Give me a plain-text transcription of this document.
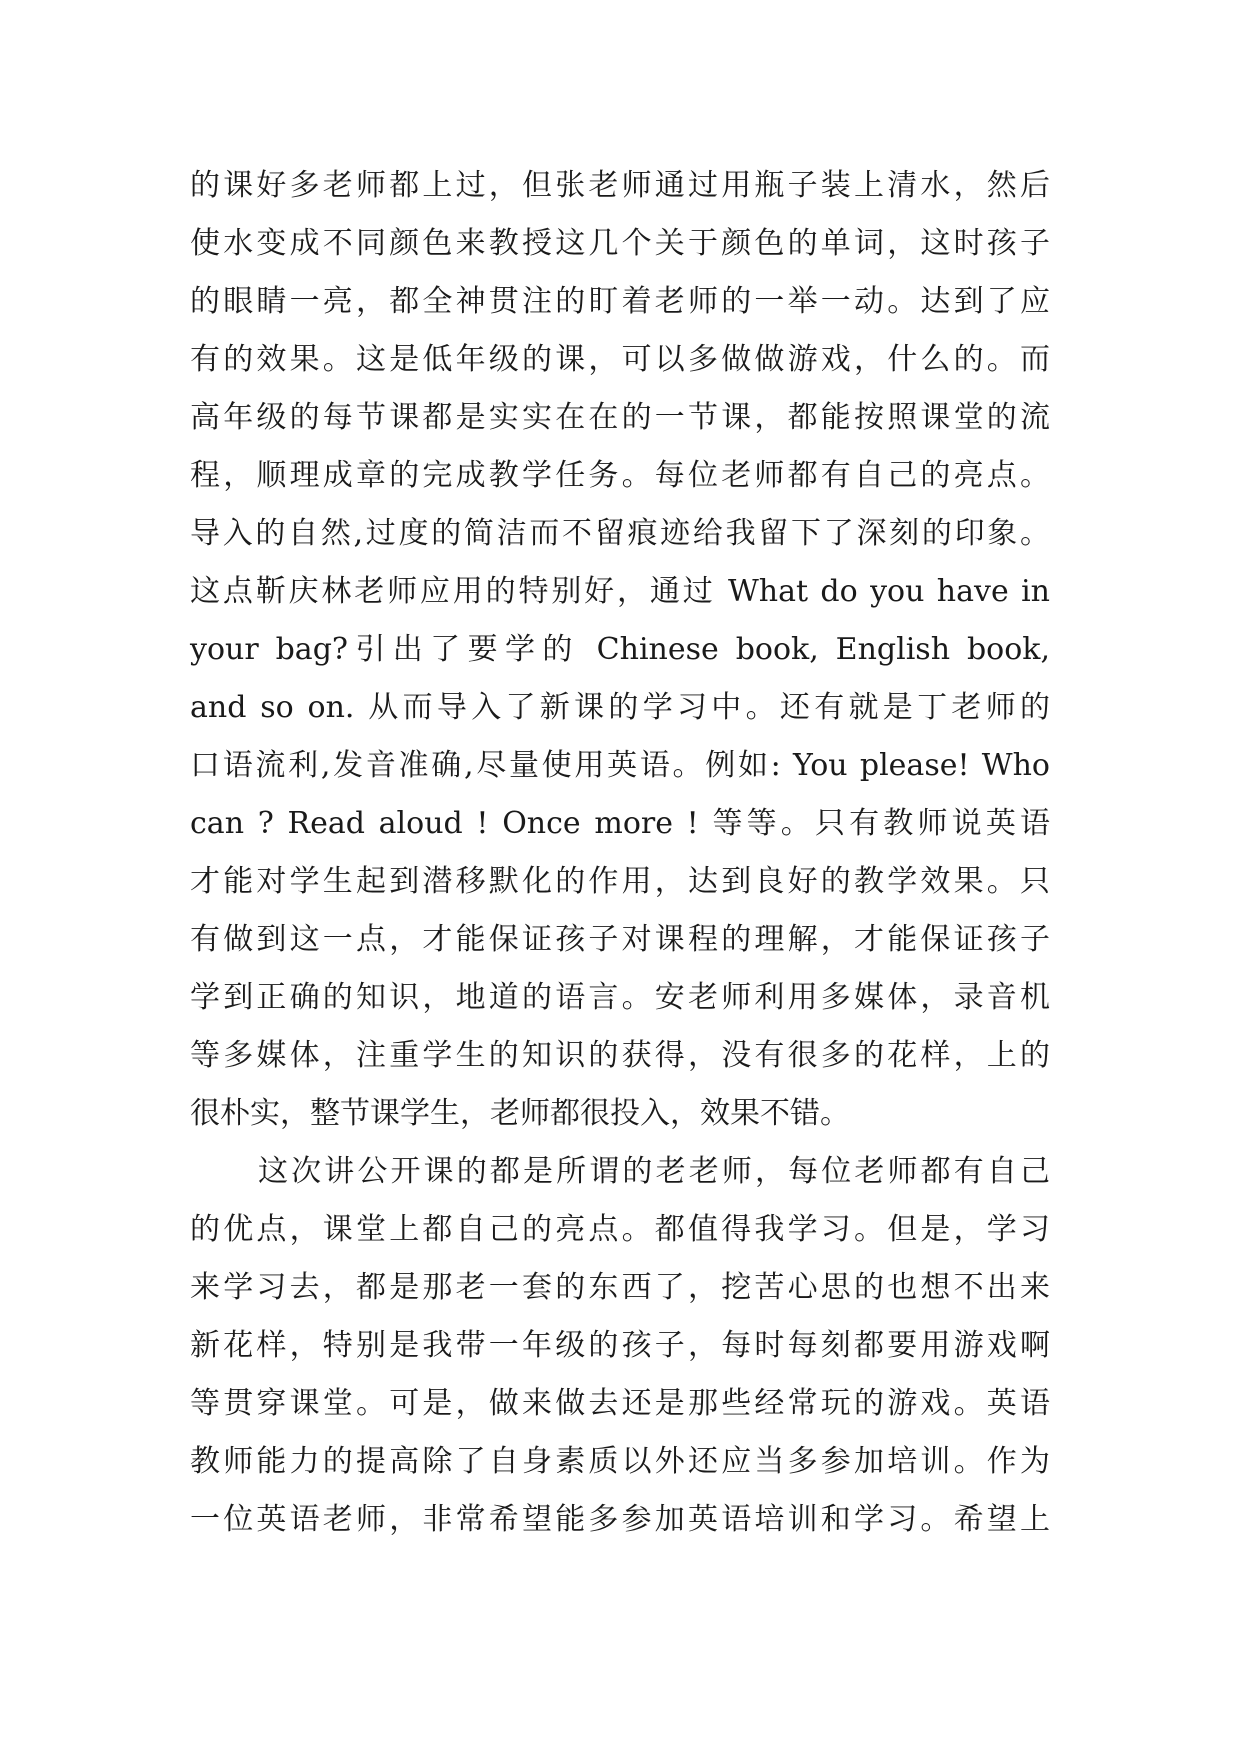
的课好多老师都上过，但张老师通过用瓶子装上清水，然后
使水变成不同颜色来教授这几个关于颜色的单词，这时孩子
的眼睛一亮，都全神贯注的盯着老师的一举一动。达到了应
有的效果。这是低年级的课，可以多做做游戏，什么的。而
高年级的每节课都是实实在在的一节课，都能按照课堂的流
程，顺理成章的完成教学任务。每位老师都有自己的亮点。
导入的自然,过度的简洁而不留痕迹给我留下了深刻的印象。
这点靳庆林老师应用的特别好，通过 What do you have in
your bag?引出了要学的 Chinese book, English book,
and so on. 从而导入了新课的学习中。还有就是丁老师的
口语流利,发音准确,尽量使用英语。例如: You please! Who
can ? Read aloud ! Once more ! 等等。只有教师说英语
才能对学生起到潜移默化的作用，达到良好的教学效果。只
有做到这一点，才能保证孩子对课程的理解，才能保证孩子
学到正确的知识，地道的语言。安老师利用多媒体，录音机
等多媒体，注重学生的知识的获得，没有很多的花样，上的
很朴实，整节课学生，老师都很投入，效果不错。
这次讲公开课的都是所谓的老老师，每位老师都有自己
的优点，课堂上都自己的亮点。都值得我学习。但是，学习
来学习去，都是那老一套的东西了，挖苦心思的也想不出来
新花样，特别是我带一年级的孩子，每时每刻都要用游戏啊
等贯穿课堂。可是，做来做去还是那些经常玩的游戏。英语
教师能力的提高除了自身素质以外还应当多参加培训。作为
一位英语老师，非常希望能多参加英语培训和学习。希望上
